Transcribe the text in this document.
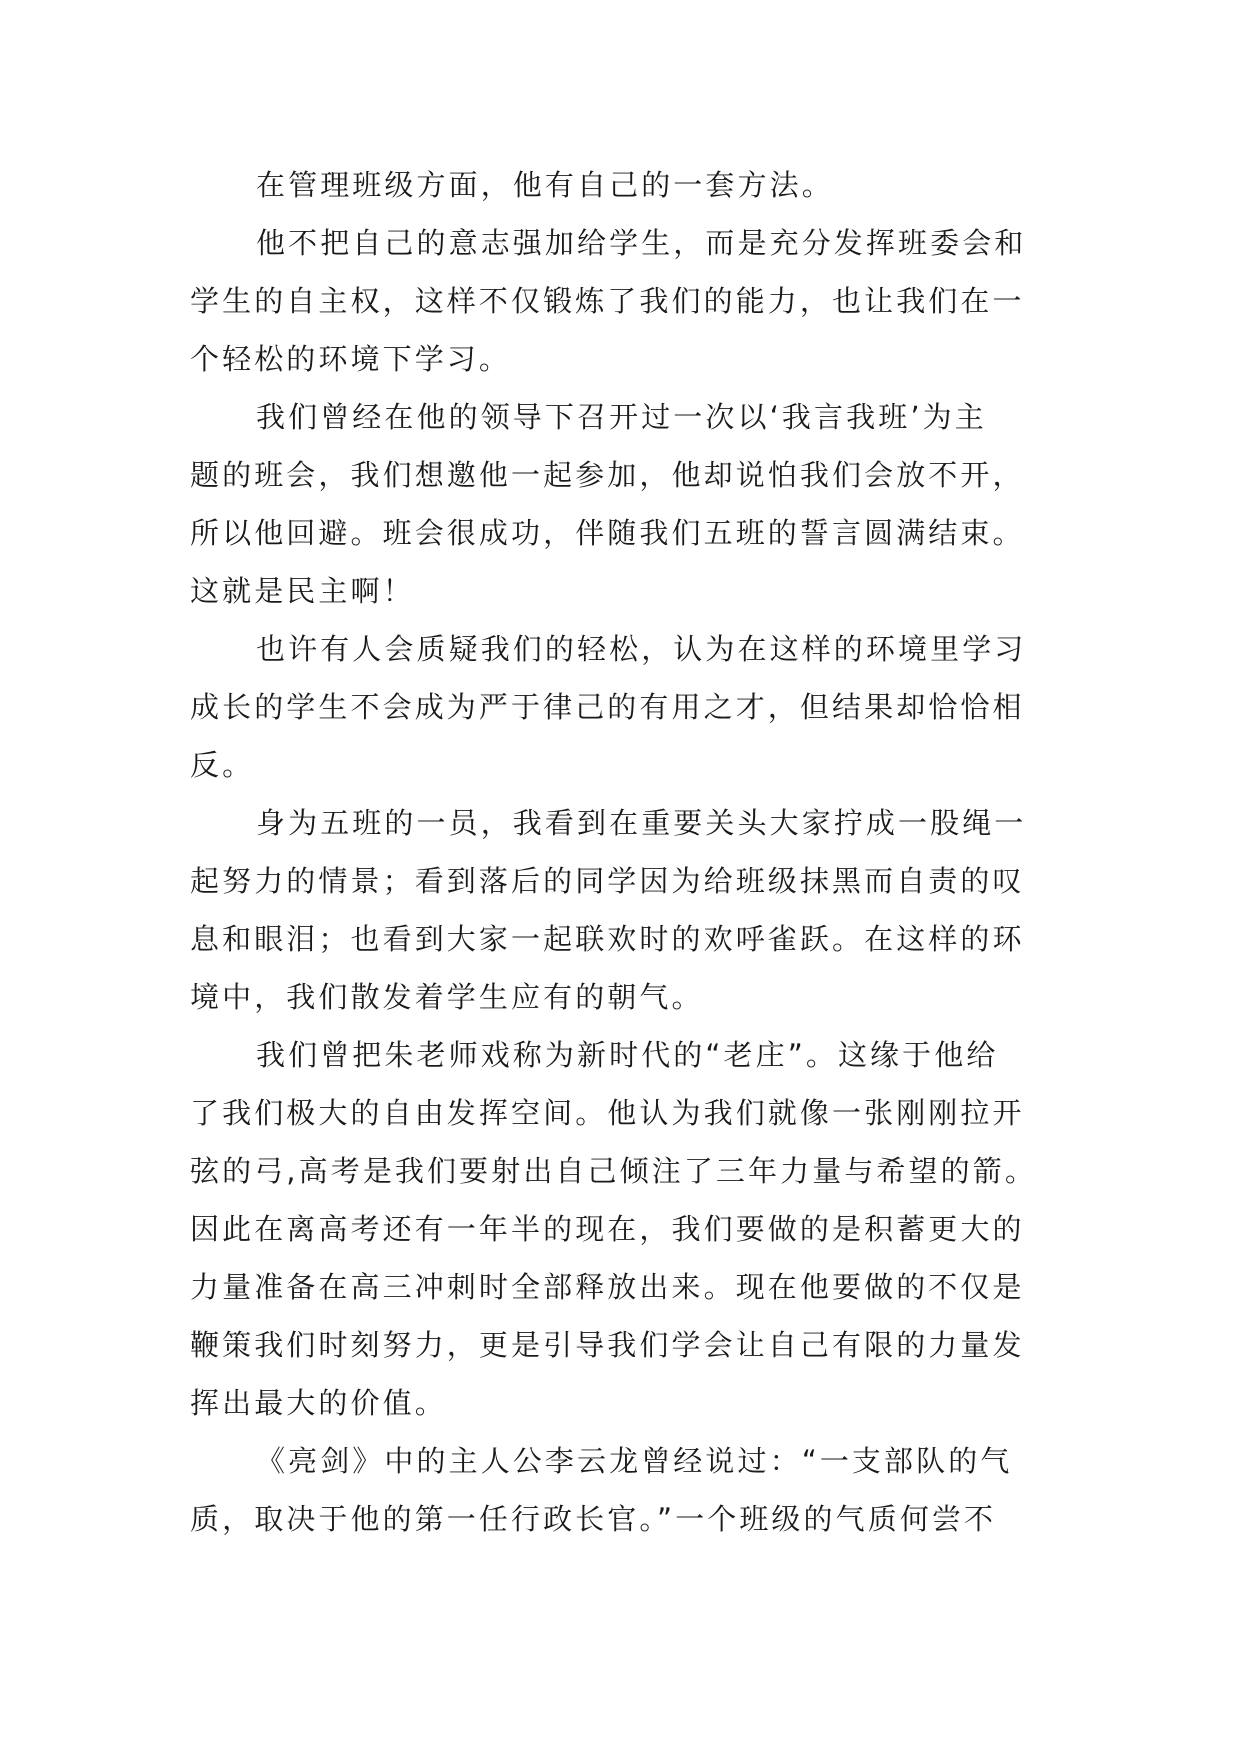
在管理班级方面，他有自己的一套方法。
他不把自己的意志强加给学生，而是充分发挥班委会和
学生的自主权，这样不仅锻炼了我们的能力，也让我们在一
个轻松的环境下学习。
我们曾经在他的领导下召开过一次以‘我言我班’为主
题的班会，我们想邀他一起参加，他却说怕我们会放不开，
所以他回避。班会很成功，伴随我们五班的誓言圆满结束。
这就是民主啊！
也许有人会质疑我们的轻松，认为在这样的环境里学习
成长的学生不会成为严于律己的有用之才，但结果却恰恰相
反。
身为五班的一员，我看到在重要关头大家拧成一股绳一
起努力的情景；看到落后的同学因为给班级抹黑而自责的叹
息和眼泪；也看到大家一起联欢时的欢呼雀跃。在这样的环
境中，我们散发着学生应有的朝气。
我们曾把朱老师戏称为新时代的“老庄”。这缘于他给
了我们极大的自由发挥空间。他认为我们就像一张刚刚拉开
弦的弓,高考是我们要射出自己倾注了三年力量与希望的箭。
因此在离高考还有一年半的现在，我们要做的是积蓄更大的
力量准备在高三冲刺时全部释放出来。现在他要做的不仅是
鞭策我们时刻努力，更是引导我们学会让自己有限的力量发
挥出最大的价值。
《亮剑》中的主人公李云龙曾经说过：“一支部队的气
质，取决于他的第一任行政长官。”一个班级的气质何尝不
